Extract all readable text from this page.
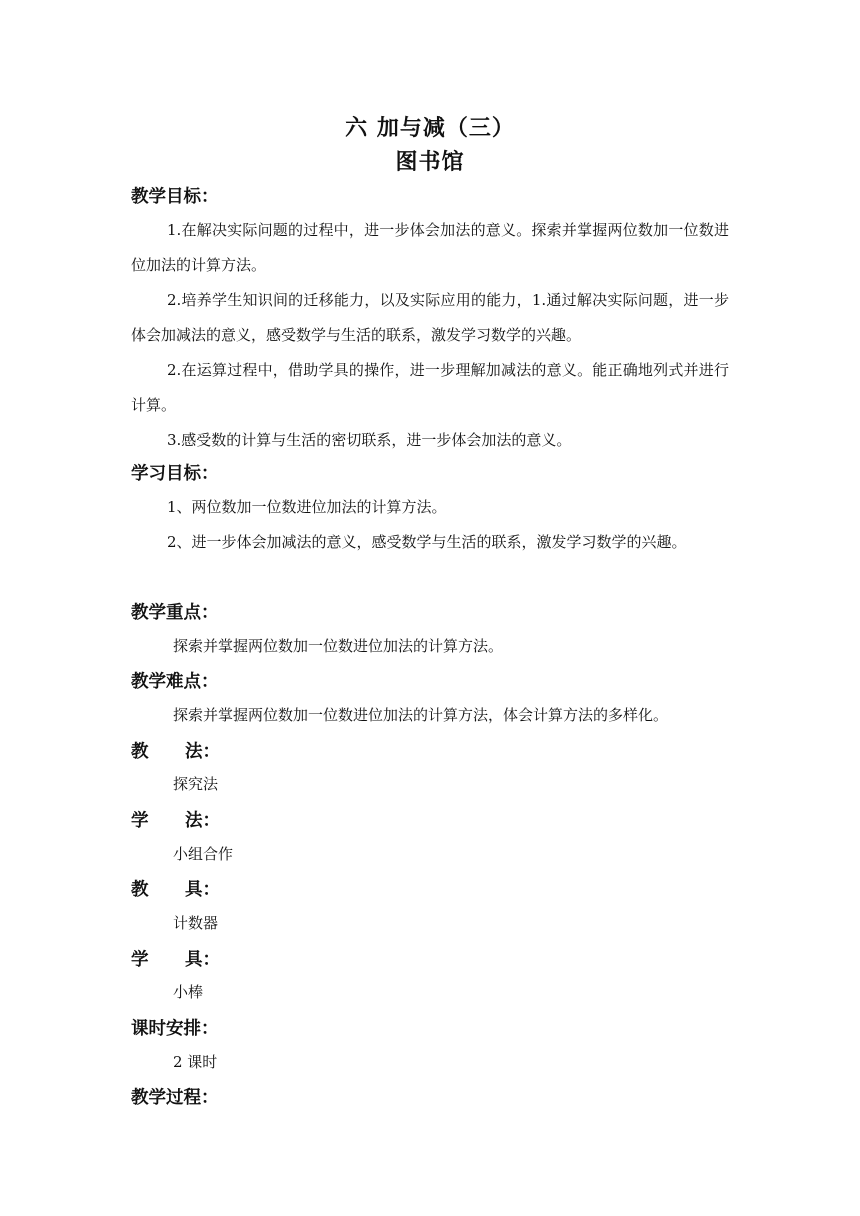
六 加与减（三）
图书馆
教学目标：
1.在解决实际问题的过程中，进一步体会加法的意义。探索并掌握两位数加一位数进位加法的计算方法。
2.培养学生知识间的迁移能力，以及实际应用的能力，1.通过解决实际问题，进一步体会加减法的意义，感受数学与生活的联系，激发学习数学的兴趣。
2.在运算过程中，借助学具的操作，进一步理解加减法的意义。能正确地列式并进行计算。
3.感受数的计算与生活的密切联系，进一步体会加法的意义。
学习目标：
1、两位数加一位数进位加法的计算方法。
2、进一步体会加减法的意义，感受数学与生活的联系，激发学习数学的兴趣。
教学重点：
探索并掌握两位数加一位数进位加法的计算方法。
教学难点：
探索并掌握两位数加一位数进位加法的计算方法，体会计算方法的多样化。
教      法：
探究法
学      法：
小组合作
教      具：
计数器
学      具：
小棒
课时安排：
2 课时
教学过程：
